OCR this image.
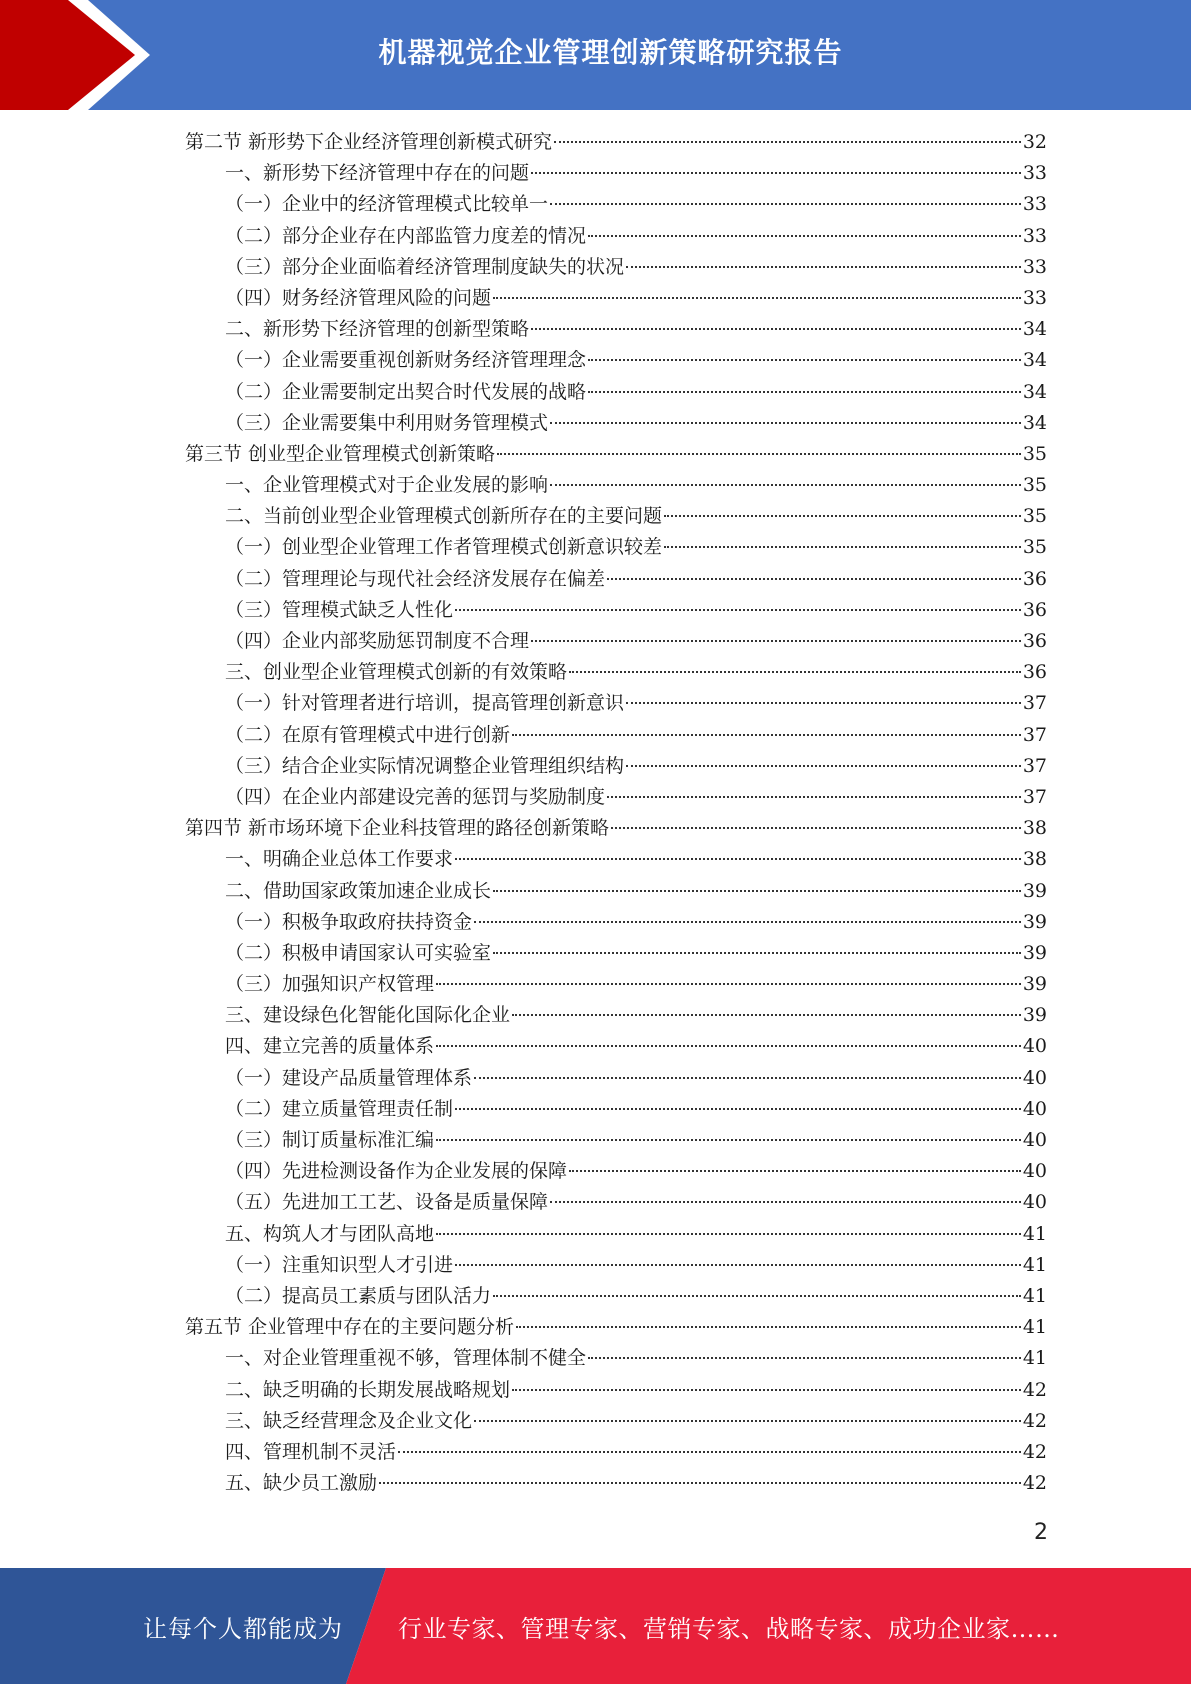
机器视觉企业管理创新策略研究报告
第二节 新形势下企业经济管理创新模式研究	32
一、新形势下经济管理中存在的问题	33
（一）企业中的经济管理模式比较单一	33
（二）部分企业存在内部监管力度差的情况	33
（三）部分企业面临着经济管理制度缺失的状况	33
（四）财务经济管理风险的问题	33
二、新形势下经济管理的创新型策略	34
（一）企业需要重视创新财务经济管理理念	34
（二）企业需要制定出契合时代发展的战略	34
（三）企业需要集中利用财务管理模式	34
第三节 创业型企业管理模式创新策略	35
一、企业管理模式对于企业发展的影响	35
二、当前创业型企业管理模式创新所存在的主要问题	35
（一）创业型企业管理工作者管理模式创新意识较差	35
（二）管理理论与现代社会经济发展存在偏差	36
（三）管理模式缺乏人性化	36
（四）企业内部奖励惩罚制度不合理	36
三、创业型企业管理模式创新的有效策略	36
（一）针对管理者进行培训，提高管理创新意识	37
（二）在原有管理模式中进行创新	37
（三）结合企业实际情况调整企业管理组织结构	37
（四）在企业内部建设完善的惩罚与奖励制度	37
第四节 新市场环境下企业科技管理的路径创新策略	38
一、明确企业总体工作要求	38
二、借助国家政策加速企业成长	39
（一）积极争取政府扶持资金	39
（二）积极申请国家认可实验室	39
（三）加强知识产权管理	39
三、建设绿色化智能化国际化企业	39
四、建立完善的质量体系	40
（一）建设产品质量管理体系	40
（二）建立质量管理责任制	40
（三）制订质量标准汇编	40
（四）先进检测设备作为企业发展的保障	40
（五）先进加工工艺、设备是质量保障	40
五、构筑人才与团队高地	41
（一）注重知识型人才引进	41
（二）提高员工素质与团队活力	41
第五节 企业管理中存在的主要问题分析	41
一、对企业管理重视不够，管理体制不健全	41
二、缺乏明确的长期发展战略规划	42
三、缺乏经营理念及企业文化	42
四、管理机制不灵活	42
五、缺少员工激励	42
2
让每个人都能成为 行业专家、管理专家、营销专家、战略专家、成功企业家……
